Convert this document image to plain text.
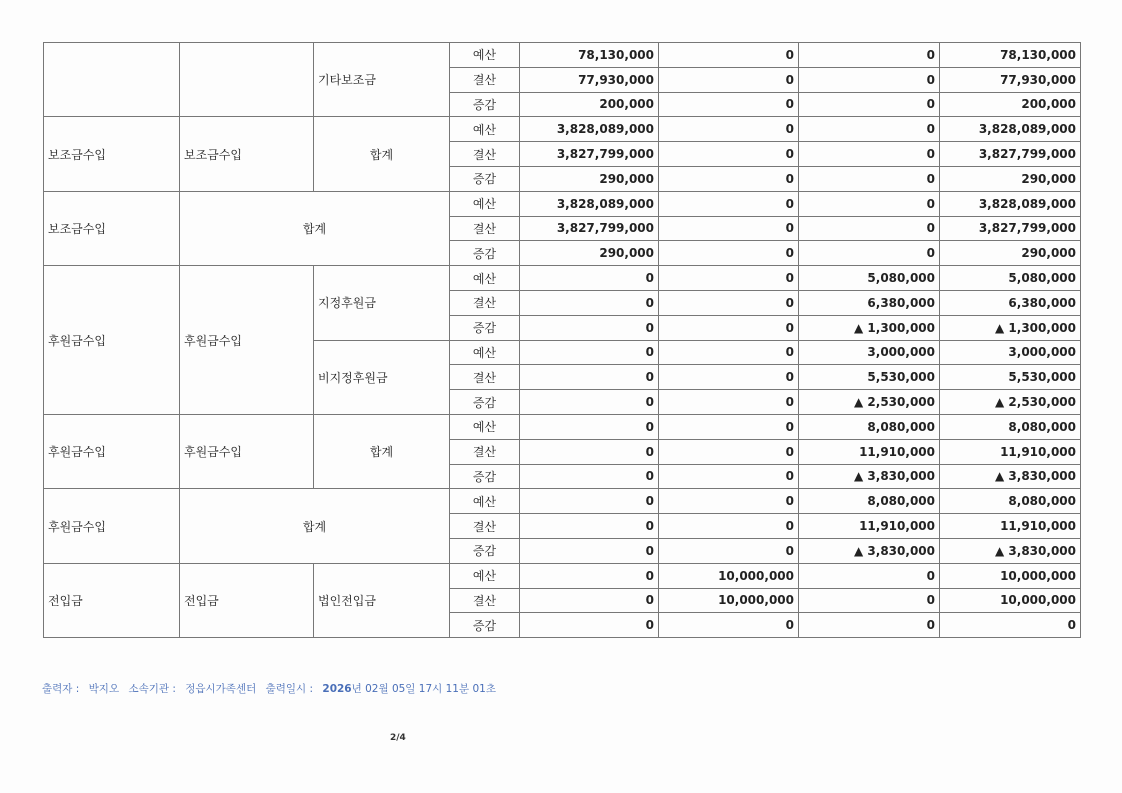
		기타보조금	예산	78,130,000	0	0	78,130,000
			결산	77,930,000	0	0	77,930,000
			증감	200,000	0	0	200,000
보조금수입	보조금수입	합계	예산	3,828,089,000	0	0	3,828,089,000
			결산	3,827,799,000	0	0	3,827,799,000
			증감	290,000	0	0	290,000
보조금수입	합계		예산	3,828,089,000	0	0	3,828,089,000
			결산	3,827,799,000	0	0	3,827,799,000
			증감	290,000	0	0	290,000
후원금수입	후원금수입	지정후원금	예산	0	0	5,080,000	5,080,000
			결산	0	0	6,380,000	6,380,000
			증감	0	0	▲ 1,300,000	▲ 1,300,000
		비지정후원금	예산	0	0	3,000,000	3,000,000
			결산	0	0	5,530,000	5,530,000
			증감	0	0	▲ 2,530,000	▲ 2,530,000
후원금수입	후원금수입	합계	예산	0	0	8,080,000	8,080,000
			결산	0	0	11,910,000	11,910,000
			증감	0	0	▲ 3,830,000	▲ 3,830,000
후원금수입	합계		예산	0	0	8,080,000	8,080,000
			결산	0	0	11,910,000	11,910,000
			증감	0	0	▲ 3,830,000	▲ 3,830,000
전입금	전입금	법인전입금	예산	0	10,000,000	0	10,000,000
			결산	0	10,000,000	0	10,000,000
			증감	0	0	0	0
출력자 : 박지오 소속기관 : 정읍시가족센터 출력일시 : 2026년 02월 05일 17시 11분 01초
2/4
